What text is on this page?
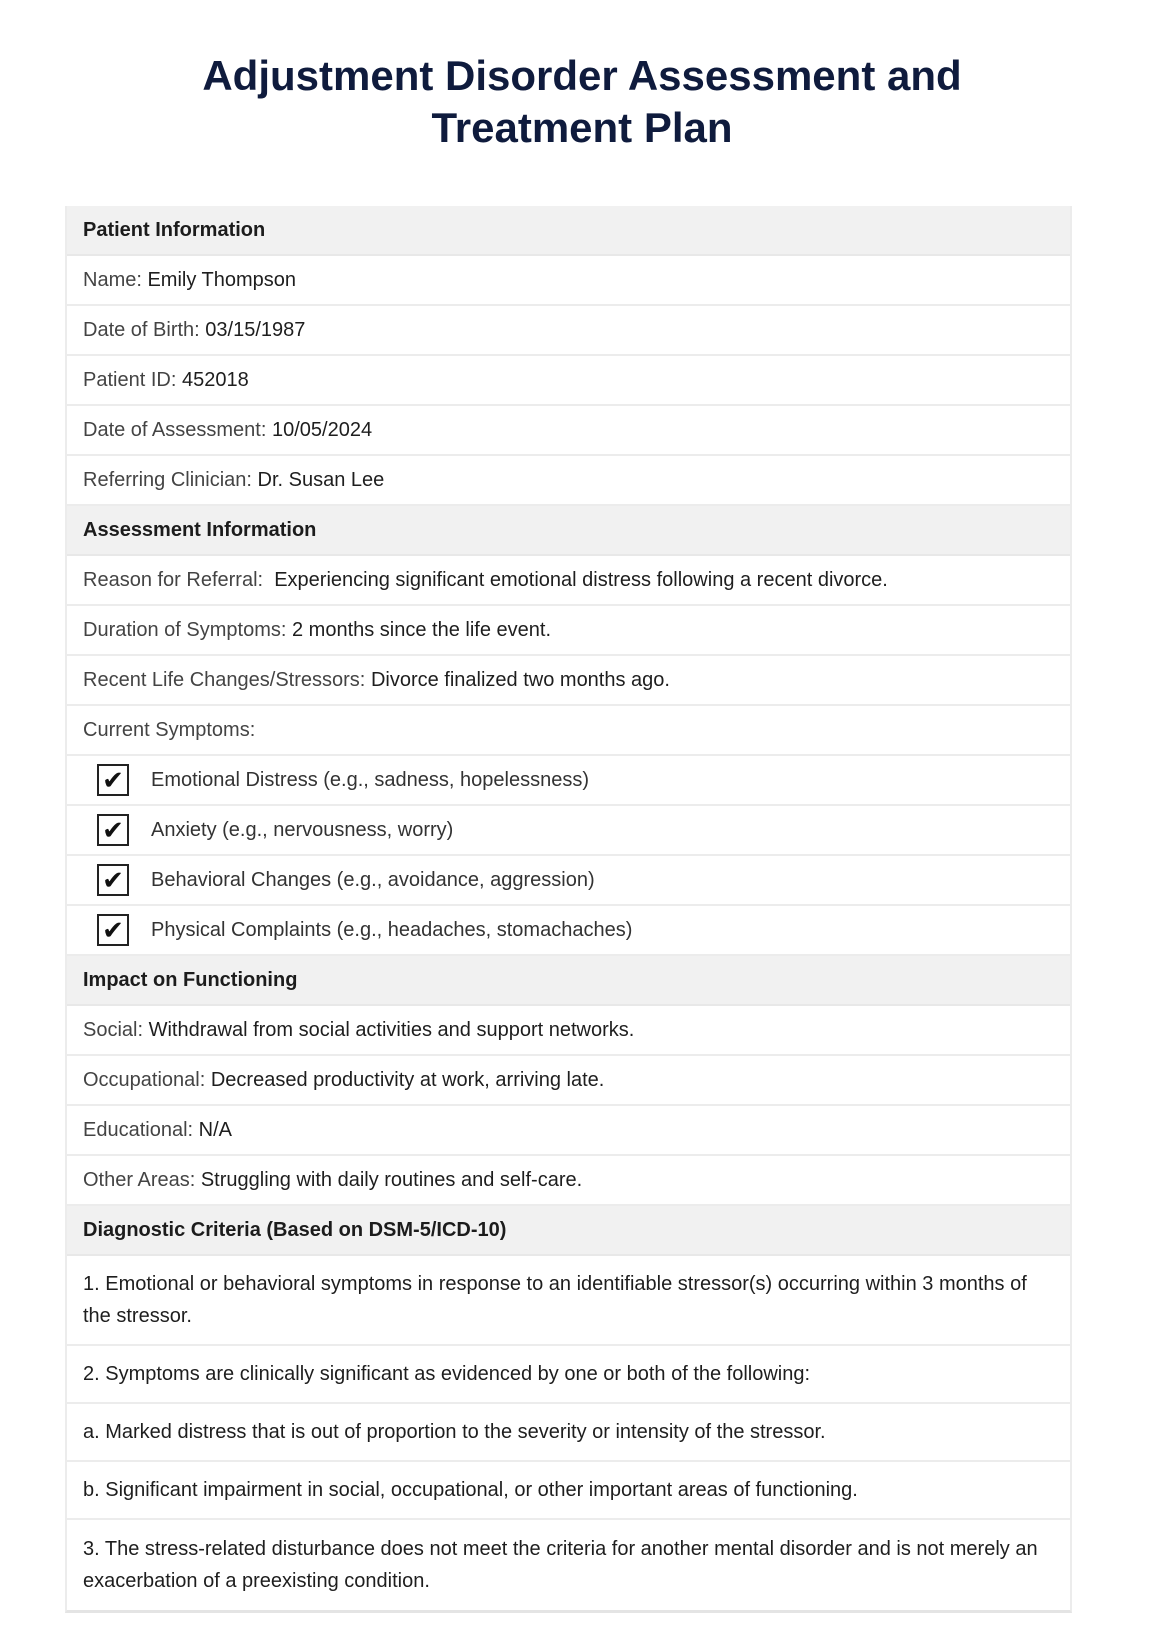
Adjustment Disorder Assessment and
Treatment Plan
Patient Information
Name:
Emily Thompson
Date of Birth:
03/15/1987
Patient ID:
452018
Date of Assessment:
10/05/2024
Referring Clinician:
Dr. Susan Lee
Assessment Information
Reason for Referral:
Experiencing significant emotional distress following a recent divorce.
Duration of Symptoms:
2 months since the life event.
Recent Life Changes/Stressors:
Divorce finalized two months ago.
Current Symptoms:
✔ Emotional Distress (e.g., sadness, hopelessness)
✔ Anxiety (e.g., nervousness, worry)
✔ Behavioral Changes (e.g., avoidance, aggression)
✔ Physical Complaints (e.g., headaches, stomachaches)
Impact on Functioning
Social:
Withdrawal from social activities and support networks.
Occupational:
Decreased productivity at work, arriving late.
Educational:
N/A
Other Areas:
Struggling with daily routines and self-care.
Diagnostic Criteria (Based on DSM-5/ICD-10)
1. Emotional or behavioral symptoms in response to an identifiable stressor(s) occurring within 3 months of the stressor.
2. Symptoms are clinically significant as evidenced by one or both of the following:
a. Marked distress that is out of proportion to the severity or intensity of the stressor.
b. Significant impairment in social, occupational, or other important areas of functioning.
3. The stress-related disturbance does not meet the criteria for another mental disorder and is not merely an exacerbation of a preexisting condition.
